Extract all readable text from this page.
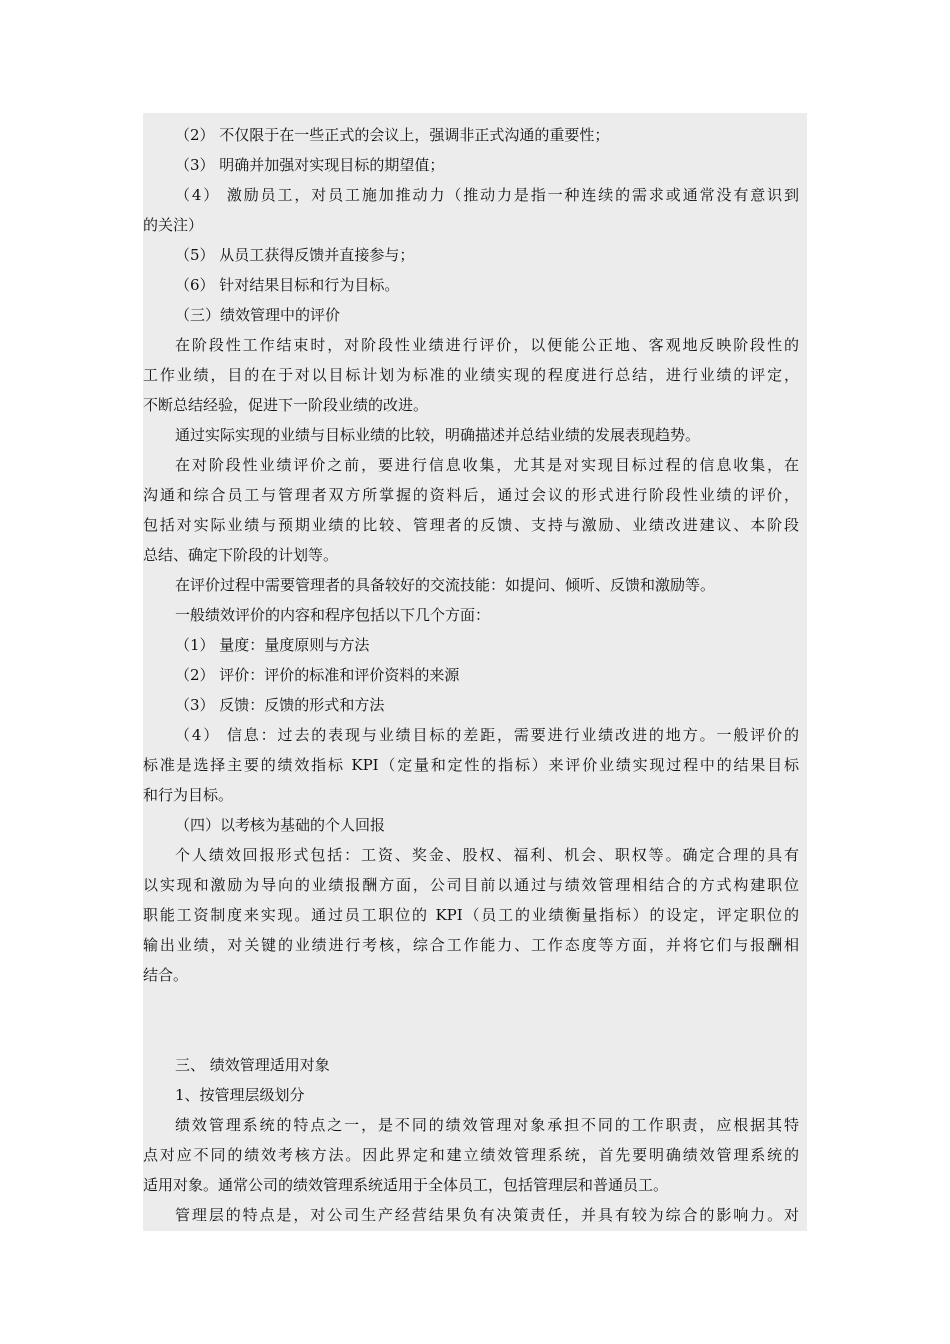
（2） 不仅限于在一些正式的会议上，强调非正式沟通的重要性；
（3） 明确并加强对实现目标的期望值；
（4） 激励员工，对员工施加推动力（推动力是指一种连续的需求或通常没有意识到
的关注）
（5） 从员工获得反馈并直接参与；
（6） 针对结果目标和行为目标。
（三）绩效管理中的评价
在阶段性工作结束时，对阶段性业绩进行评价，以便能公正地、客观地反映阶段性的
工作业绩，目的在于对以目标计划为标准的业绩实现的程度进行总结，进行业绩的评定，
不断总结经验，促进下一阶段业绩的改进。
通过实际实现的业绩与目标业绩的比较，明确描述并总结业绩的发展表现趋势。
在对阶段性业绩评价之前，要进行信息收集，尤其是对实现目标过程的信息收集，在
沟通和综合员工与管理者双方所掌握的资料后，通过会议的形式进行阶段性业绩的评价，
包括对实际业绩与预期业绩的比较、管理者的反馈、支持与激励、业绩改进建议、本阶段
总结、确定下阶段的计划等。
在评价过程中需要管理者的具备较好的交流技能：如提问、倾听、反馈和激励等。
一般绩效评价的内容和程序包括以下几个方面：
（1） 量度：量度原则与方法
（2） 评价：评价的标准和评价资料的来源
（3） 反馈：反馈的形式和方法
（4） 信息：过去的表现与业绩目标的差距，需要进行业绩改进的地方。一般评价的
标准是选择主要的绩效指标 KPI（定量和定性的指标）来评价业绩实现过程中的结果目标
和行为目标。
（四）以考核为基础的个人回报
个人绩效回报形式包括：工资、奖金、股权、福利、机会、职权等。确定合理的具有
以实现和激励为导向的业绩报酬方面，公司目前以通过与绩效管理相结合的方式构建职位
职能工资制度来实现。通过员工职位的 KPI（员工的业绩衡量指标）的设定，评定职位的
输出业绩，对关键的业绩进行考核，综合工作能力、工作态度等方面，并将它们与报酬相
结合。
三、 绩效管理适用对象
1、按管理层级划分
绩效管理系统的特点之一，是不同的绩效管理对象承担不同的工作职责，应根据其特
点对应不同的绩效考核方法。因此界定和建立绩效管理系统，首先要明确绩效管理系统的
适用对象。通常公司的绩效管理系统适用于全体员工，包括管理层和普通员工。
管理层的特点是，对公司生产经营结果负有决策责任，并具有较为综合的影响力。对
